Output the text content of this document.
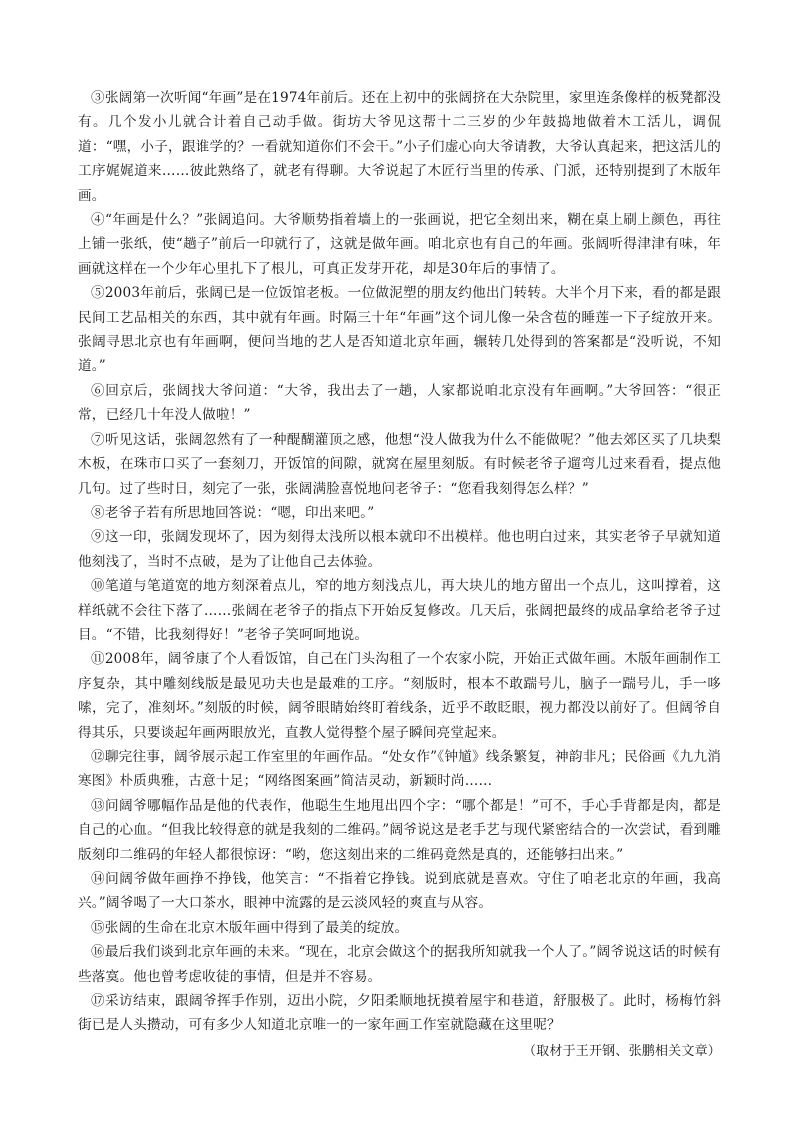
③张阔第一次听闻“年画”是在1974年前后。还在上初中的张阔挤在大杂院里，家里连条像样的板凳都没有。几个发小儿就合计着自己动手做。街坊大爷见这帮十二三岁的少年鼓捣地做着木工活儿，调侃道：“嘿，小子，跟谁学的？一看就知道你们不会干。”小子们虚心向大爷请教，大爷认真起来，把这活儿的工序娓娓道来……彼此熟络了，就老有得聊。大爷说起了木匠行当里的传承、门派，还特别提到了木版年画。

④“年画是什么？”张阔追问。大爷顺势指着墙上的一张画说，把它全刻出来，糊在桌上刷上颜色，再往上铺一张纸，使“趟子”前后一印就行了，这就是做年画。咱北京也有自己的年画。张阔听得津津有味，年画就这样在一个少年心里扎下了根儿，可真正发芽开花，却是30年后的事情了。

⑤2003年前后，张阔已是一位饭馆老板。一位做泥塑的朋友约他出门转转。大半个月下来，看的都是跟民间工艺品相关的东西，其中就有年画。时隔三十年“年画”这个词儿像一朵含苞的睡莲一下子绽放开来。张阔寻思北京也有年画啊，便问当地的艺人是否知道北京年画，辗转几处得到的答案都是“没听说，不知道。”

⑥回京后，张阔找大爷问道：“大爷，我出去了一趟，人家都说咱北京没有年画啊。”大爷回答：“很正常，已经几十年没人做啦！”

⑦听见这话，张阔忽然有了一种醍醐灌顶之感，他想“没人做我为什么不能做呢？”他去郊区买了几块梨木板，在珠市口买了一套刻刀，开饭馆的间隙，就窝在屋里刻版。有时候老爷子遛弯儿过来看看，提点他几句。过了些时日，刻完了一张，张阔满脸喜悦地问老爷子：“您看我刻得怎么样？”

⑧老爷子若有所思地回答说：“嗯，印出来吧。”

⑨这一印，张阔发现坏了，因为刻得太浅所以根本就印不出模样。他也明白过来，其实老爷子早就知道他刻浅了，当时不点破，是为了让他自己去体验。

⑩笔道与笔道宽的地方刻深着点儿，窄的地方刻浅点儿，再大块儿的地方留出一个点儿，这叫撑着，这样纸就不会往下落了……张阔在老爷子的指点下开始反复修改。几天后，张阔把最终的成品拿给老爷子过目。“不错，比我刻得好！”老爷子笑呵呵地说。

⑪2008年，阔爷康了个人看饭馆，自己在门头沟租了一个农家小院，开始正式做年画。木版年画制作工序复杂，其中雕刻线版是最见功夫也是最难的工序。“刻版时，根本不敢踹号儿，脑子一踹号儿，手一哆嗦，完了，准刻坏。”刻版的时候，阔爷眼睛始终盯着线条，近乎不敢眨眼，视力都没以前好了。但阔爷自得其乐，只要谈起年画两眼放光，直教人觉得整个屋子瞬间亮堂起来。

⑫聊完往事，阔爷展示起工作室里的年画作品。“处女作”《钟馗》线条繁复，神韵非凡；民俗画《九九消寒图》朴质典雅，古意十足；“网络图案画”简洁灵动，新颖时尚……

⑬问阔爷哪幅作品是他的代表作，他聪生生地甩出四个字：“哪个都是！”可不，手心手背都是肉，都是自己的心血。“但我比较得意的就是我刻的二维码。”阔爷说这是老手艺与现代紧密结合的一次尝试，看到雕版刻印二维码的年轻人都很惊讶：“哟，您这刻出来的二维码竟然是真的，还能够扫出来。”

⑭问阔爷做年画挣不挣钱，他笑言：“不指着它挣钱。说到底就是喜欢。守住了咱老北京的年画，我高兴。”阔爷喝了一大口茶水，眼神中流露的是云淡风轻的爽直与从容。

⑮张阔的生命在北京木版年画中得到了最美的绽放。

⑯最后我们谈到北京年画的未来。“现在，北京会做这个的据我所知就我一个人了。”阔爷说这话的时候有些落寞。他也曾考虑收徒的事情，但是并不容易。

⑰采访结束，跟阔爷挥手作别，迈出小院，夕阳柔顺地抚摸着屋宇和巷道，舒服极了。此时，杨梅竹斜街已是人头攒动，可有多少人知道北京唯一的一家年画工作室就隐藏在这里呢？

（取材于王开钢、张鹏相关文章）
